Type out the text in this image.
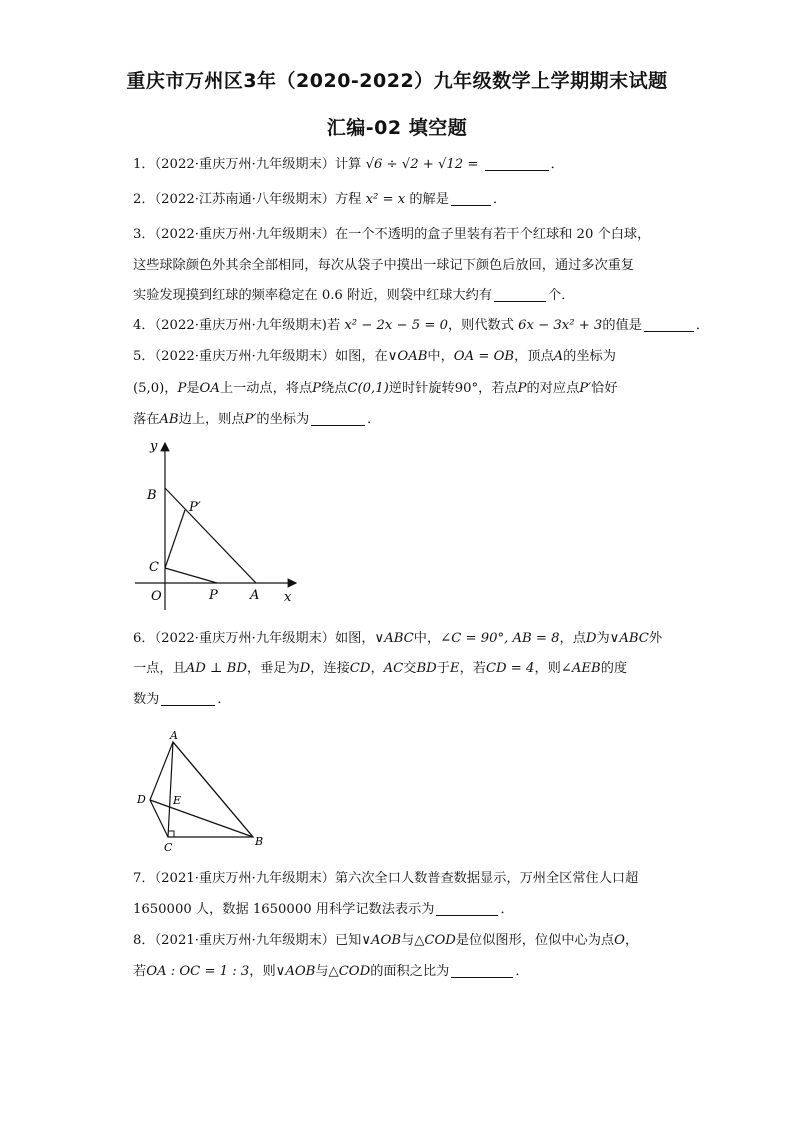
重庆市万州区3年（2020-2022）九年级数学上学期期末试题
汇编-02 填空题
1．（2022·重庆万州·九年级期末）计算 √6 ÷ √2 + √12 =	．
2．（2022·江苏南通·八年级期末）方程 x² = x 的解是	．
3．（2022·重庆万州·九年级期末）在一个不透明的盒子里装有若干个红球和 20 个白球，
这些球除颜色外其余全部相同，每次从袋子中摸出一球记下颜色后放回，通过多次重复
实验发现摸到红球的频率稳定在 0.6 附近，则袋中红球大约有	个．
4．（2022·重庆万州·九年级期末)若 x² − 2x − 5 = 0，则代数式 6x − 3x² + 3的值是	．
5．（2022·重庆万州·九年级期末）如图，在∨OAB中，OA = OB，顶点A的坐标为
(5,0)，P是OA上一动点，将点P绕点C(0,1)逆时针旋转90°，若点P的对应点P′恰好
落在AB边上，则点P′的坐标为	．
y
B
P′
C
O	P A x
6．（2022·重庆万州·九年级期末）如图，∨ABC中，∠C = 90°, AB = 8，点D为∨ABC外
一点，且AD ⊥ BD，垂足为D，连接CD，AC交BD于E，若CD = 4，则∠AEB的度
数为	．
A
D E
C	B
7．（2021·重庆万州·九年级期末）第六次全口人数普查数据显示，万州全区常住人口超
1650000 人，数据 1650000 用科学记数法表示为	．
8．（2021·重庆万州·九年级期末）已知∨AOB与△COD是位似图形，位似中心为点O，
若OA : OC = 1 : 3，则∨AOB与△COD的面积之比为	．
